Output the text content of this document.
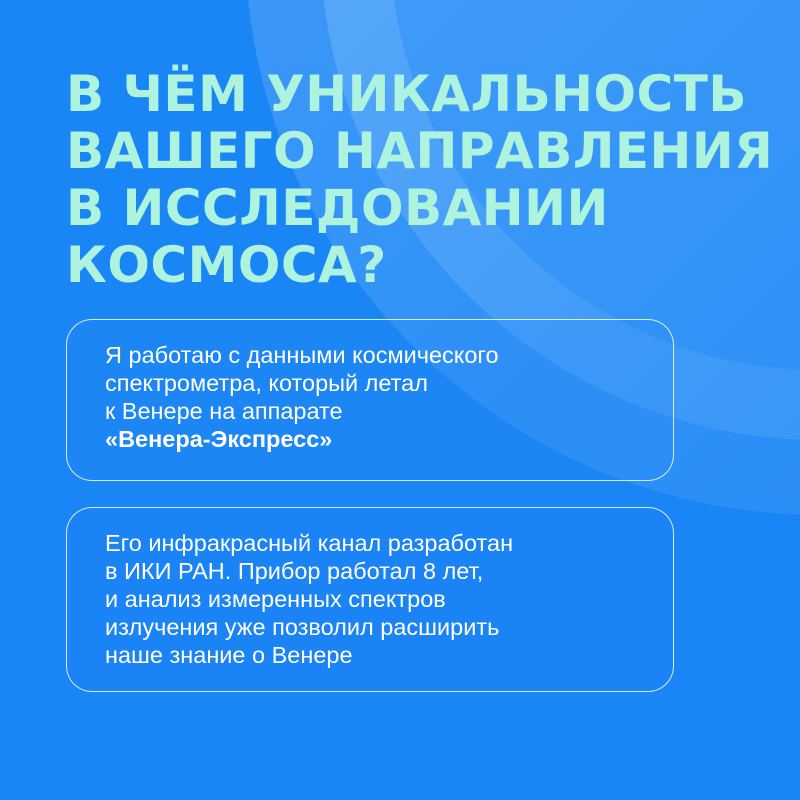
В ЧЁМ УНИКАЛЬНОСТЬ
ВАШЕГО НАПРАВЛЕНИЯ
В ИССЛЕДОВАНИИ
КОСМОСА?
Я работаю с данными космического
спектрометра, который летал
к Венере на аппарате
«Венера-Экспресс»
Его инфракрасный канал разработан
в ИКИ РАН. Прибор работал 8 лет,
и анализ измеренных спектров
излучения уже позволил расширить
наше знание о Венере
